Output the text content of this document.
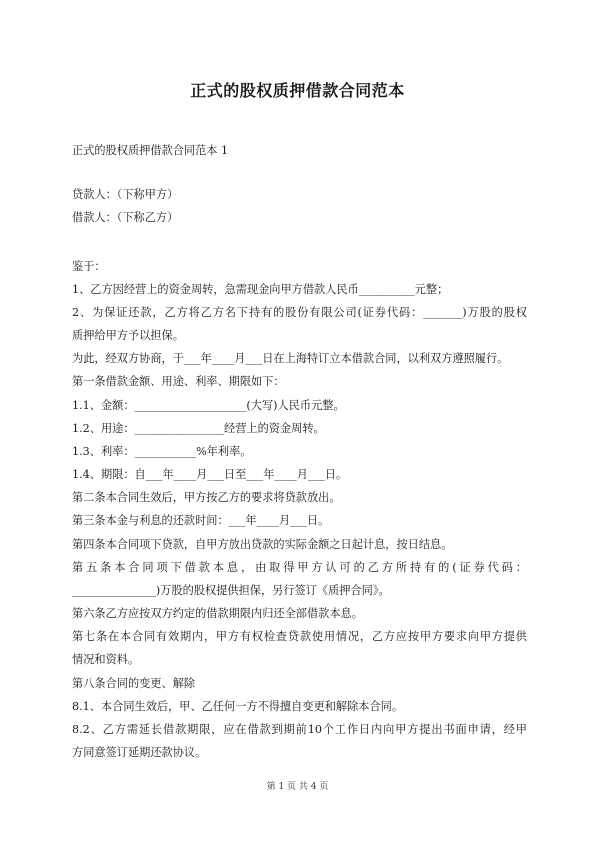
正式的股权质押借款合同范本
正式的股权质押借款合同范本 1
贷款人：（下称甲方）
借款人：（下称乙方）
鉴于：
1、乙方因经营上的资金周转，急需现金向甲方借款人民币__________元整；
2、为保证还款，乙方将乙方名下持有的股份有限公司(证券代码：_______)万股的股权
质押给甲方予以担保。
为此，经双方协商，于___年____月___日在上海特订立本借款合同，以利双方遵照履行。
第一条借款金额、用途、利率、期限如下：
1.1、金额：____________________(大写)人民币元整。
1.2、用途：________________经营上的资金周转。
1.3、利率：___________%年利率。
1.4、期限：自___年____月___日至___年____月___日。
第二条本合同生效后，甲方按乙方的要求将贷款放出。
第三条本金与利息的还款时间：___年____月___日。
第四条本合同项下贷款，自甲方放出贷款的实际金额之日起计息，按日结息。
第五条本合同项下借款本息，由取得甲方认可的乙方所持有的(证券代码：
_______________)万股的股权提供担保，另行签订《质押合同》。
第六条乙方应按双方约定的借款期限内归还全部借款本息。
第七条在本合同有效期内，甲方有权检查贷款使用情况，乙方应按甲方要求向甲方提供
情况和资料。
第八条合同的变更、解除
8.1、本合同生效后，甲、乙任何一方不得擅自变更和解除本合同。
8.2、乙方需延长借款期限，应在借款到期前10个工作日内向甲方提出书面申请，经甲
方同意签订延期还款协议。
第 1 页 共 4 页
